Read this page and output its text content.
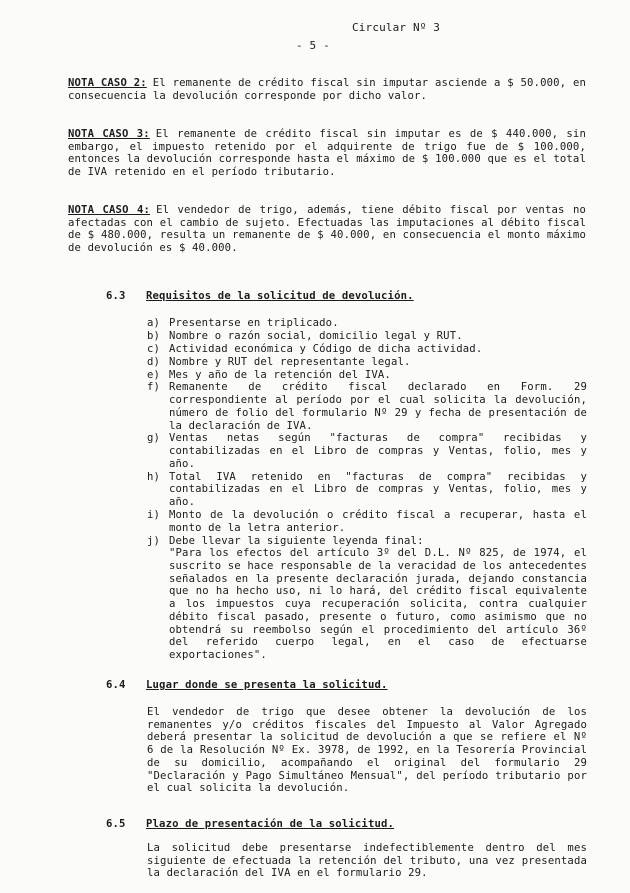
Circular Nº 3
- 5 -

NOTA CASO 2: El remanente de crédito fiscal sin imputar asciende a $ 50.000, en consecuencia la devolución corresponde por dicho valor.

NOTA CASO 3: El remanente de crédito fiscal sin imputar es de $ 440.000, sin embargo, el impuesto retenido por el adquirente de trigo fue de $ 100.000, entonces la devolución corresponde hasta el máximo de $ 100.000 que es el total de IVA retenido en el período tributario.

NOTA CASO 4: El vendedor de trigo, además, tiene débito fiscal por ventas no afectadas con el cambio de sujeto. Efectuadas las imputaciones al débito fiscal de $ 480.000, resulta un remanente de $ 40.000, en consecuencia el monto máximo de devolución es $ 40.000.

6.3 Requisitos de la solicitud de devolución.
a) Presentarse en triplicado.
b) Nombre o razón social, domicilio legal y RUT.
c) Actividad económica y Código de dicha actividad.
d) Nombre y RUT del representante legal.
e) Mes y año de la retención del IVA.
f) Remanente de crédito fiscal declarado en Form. 29 correspondiente al período por el cual solicita la devolución, número de folio del formulario Nº 29 y fecha de presentación de la declaración de IVA.
g) Ventas netas según "facturas de compra" recibidas y contabilizadas en el Libro de compras y Ventas, folio, mes y año.
h) Total IVA retenido en "facturas de compra" recibidas y contabilizadas en el Libro de compras y Ventas, folio, mes y año.
i) Monto de la devolución o crédito fiscal a recuperar, hasta el monto de la letra anterior.
j) Debe llevar la siguiente leyenda final:
"Para los efectos del artículo 3º del D.L. Nº 825, de 1974, el suscrito se hace responsable de la veracidad de los antecedentes señalados en la presente declaración jurada, dejando constancia que no ha hecho uso, ni lo hará, del crédito fiscal equivalente a los impuestos cuya recuperación solicita, contra cualquier débito fiscal pasado, presente o futuro, como asimismo que no obtendrá su reembolso según el procedimiento del artículo 36º del referido cuerpo legal, en el caso de efectuarse exportaciones".
6.4 Lugar donde se presenta la solicitud.

El vendedor de trigo que desee obtener la devolución de los remanentes y/o créditos fiscales del Impuesto al Valor Agregado deberá presentar la solicitud de devolución a que se refiere el Nº 6 de la Resolución Nº Ex. 3978, de 1992, en la Tesorería Provincial de su domicilio, acompañando el original del formulario 29 "Declaración y Pago Simultáneo Mensual", del período tributario por el cual solicita la devolución.

6.5 Plazo de presentación de la solicitud.

La solicitud debe presentarse indefectiblemente dentro del mes siguiente de efectuada la retención del tributo, una vez presentada la declaración del IVA en el formulario 29.
